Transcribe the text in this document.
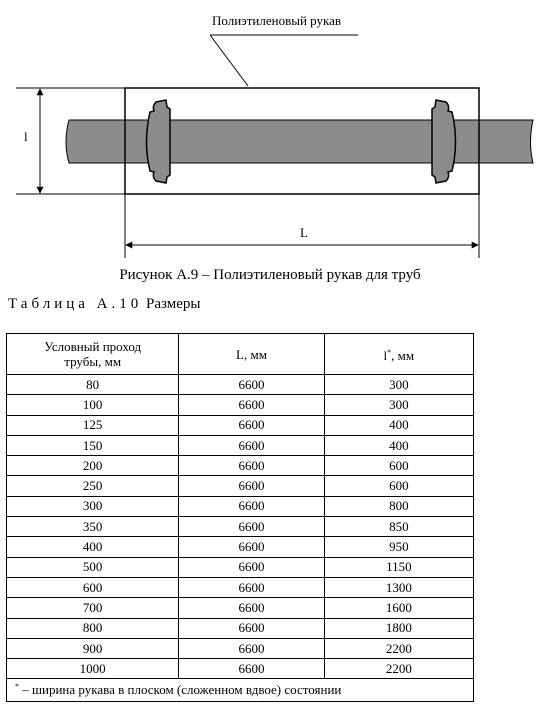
Полиэтиленовый рукав
l
L
Рисунок А.9 – Полиэтиленовый рукав для труб
Таблица А.10 Размеры
Условный проход
трубы, мм	L, мм	l*, мм
80	6600	300
100	6600	300
125	6600	400
150	6600	400
200	6600	600
250	6600	600
300	6600	800
350	6600	850
400	6600	950
500	6600	1150
600	6600	1300
700	6600	1600
800	6600	1800
900	6600	2200
1000	6600	2200
* – ширина рукава в плоском (сложенном вдвое) состоянии		
